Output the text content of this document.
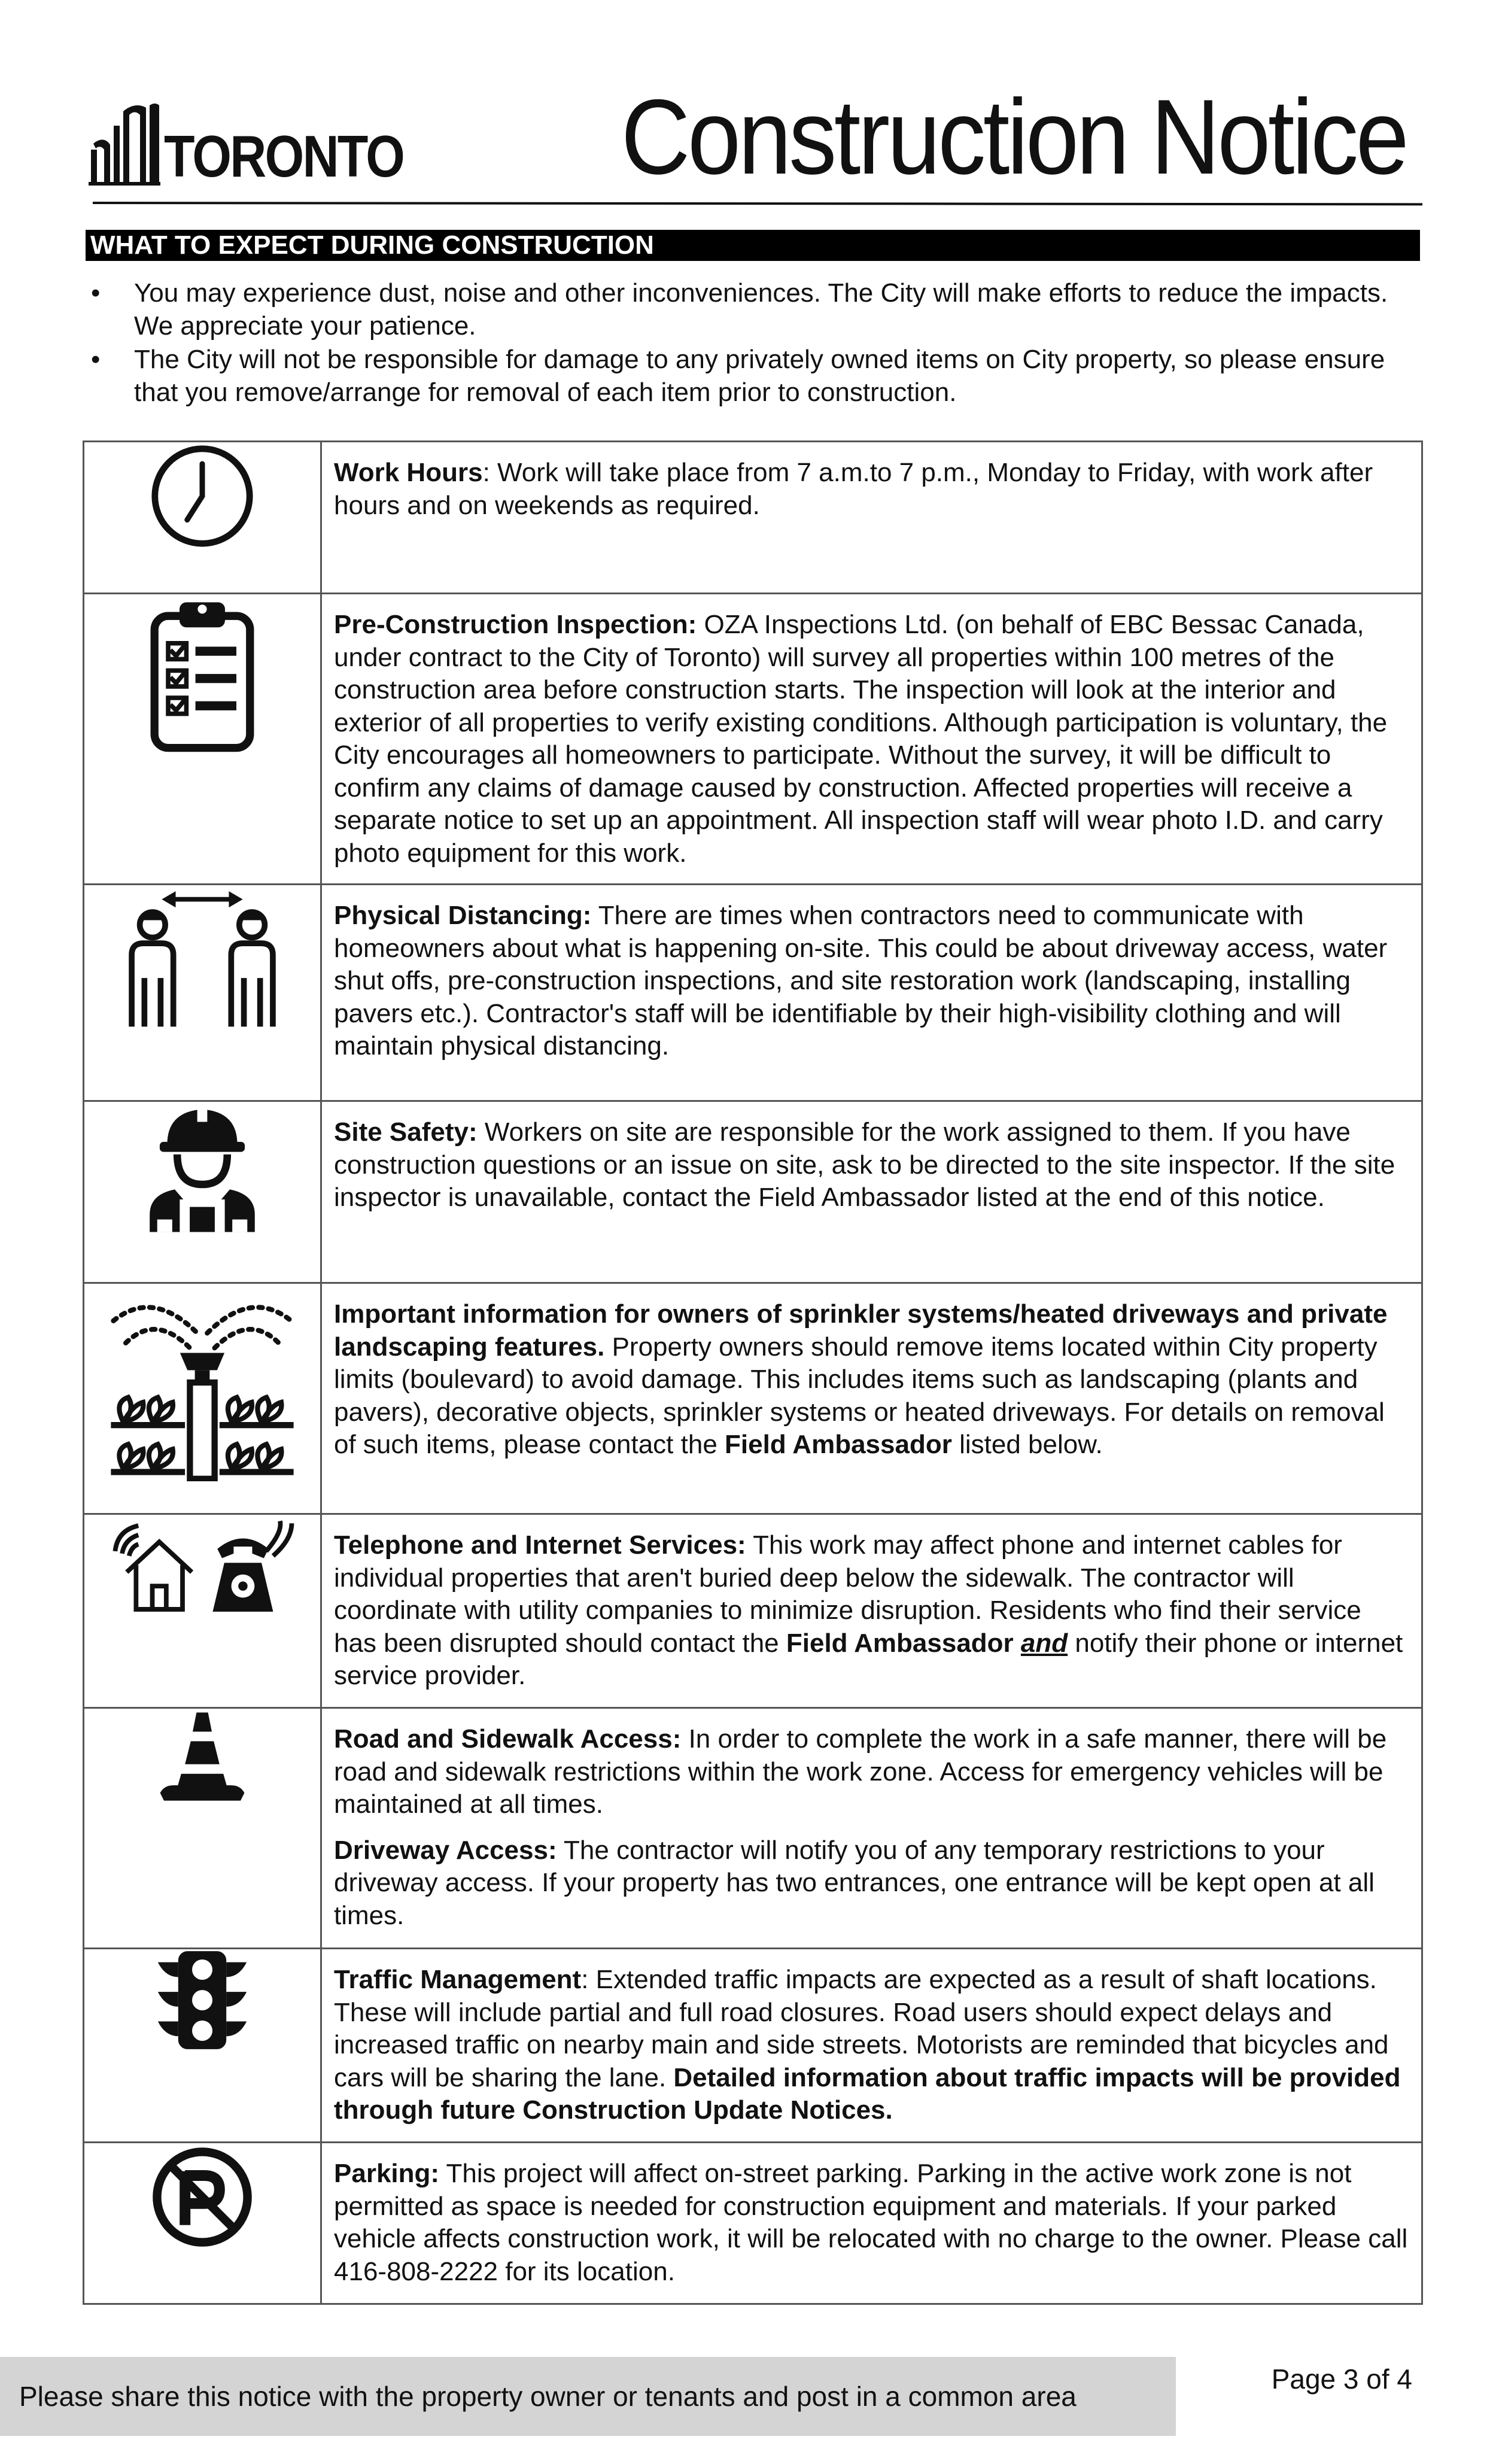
TORONTO Construction Notice
WHAT TO EXPECT DURING CONSTRUCTION
• You may experience dust, noise and other inconveniences. The City will make efforts to reduce the impacts. We appreciate your patience.
• The City will not be responsible for damage to any privately owned items on City property, so please ensure that you remove/arrange for removal of each item prior to construction.

Work Hours: Work will take place from 7 a.m.to 7 p.m., Monday to Friday, with work after hours and on weekends as required.

Pre-Construction Inspection: OZA Inspections Ltd. (on behalf of EBC Bessac Canada, under contract to the City of Toronto) will survey all properties within 100 metres of the construction area before construction starts. The inspection will look at the interior and exterior of all properties to verify existing conditions. Although participation is voluntary, the City encourages all homeowners to participate. Without the survey, it will be difficult to confirm any claims of damage caused by construction. Affected properties will receive a separate notice to set up an appointment. All inspection staff will wear photo I.D. and carry photo equipment for this work.

Physical Distancing: There are times when contractors need to communicate with homeowners about what is happening on-site. This could be about driveway access, water shut offs, pre-construction inspections, and site restoration work (landscaping, installing pavers etc.). Contractor's staff will be identifiable by their high-visibility clothing and will maintain physical distancing.

Site Safety: Workers on site are responsible for the work assigned to them. If you have construction questions or an issue on site, ask to be directed to the site inspector. If the site inspector is unavailable, contact the Field Ambassador listed at the end of this notice.

Important information for owners of sprinkler systems/heated driveways and private landscaping features. Property owners should remove items located within City property limits (boulevard) to avoid damage. This includes items such as landscaping (plants and pavers), decorative objects, sprinkler systems or heated driveways. For details on removal of such items, please contact the Field Ambassador listed below.

Telephone and Internet Services: This work may affect phone and internet cables for individual properties that aren't buried deep below the sidewalk. The contractor will coordinate with utility companies to minimize disruption. Residents who find their service has been disrupted should contact the Field Ambassador and notify their phone or internet service provider.

Road and Sidewalk Access: In order to complete the work in a safe manner, there will be road and sidewalk restrictions within the work zone. Access for emergency vehicles will be maintained at all times.

Driveway Access: The contractor will notify you of any temporary restrictions to your driveway access. If your property has two entrances, one entrance will be kept open at all times.

Traffic Management: Extended traffic impacts are expected as a result of shaft locations. These will include partial and full road closures. Road users should expect delays and increased traffic on nearby main and side streets. Motorists are reminded that bicycles and cars will be sharing the lane. Detailed information about traffic impacts will be provided through future Construction Update Notices.

Parking: This project will affect on-street parking. Parking in the active work zone is not permitted as space is needed for construction equipment and materials. If your parked vehicle affects construction work, it will be relocated with no charge to the owner. Please call 416-808-2222 for its location.

Please share this notice with the property owner or tenants and post in a common area
Page 3 of 4
